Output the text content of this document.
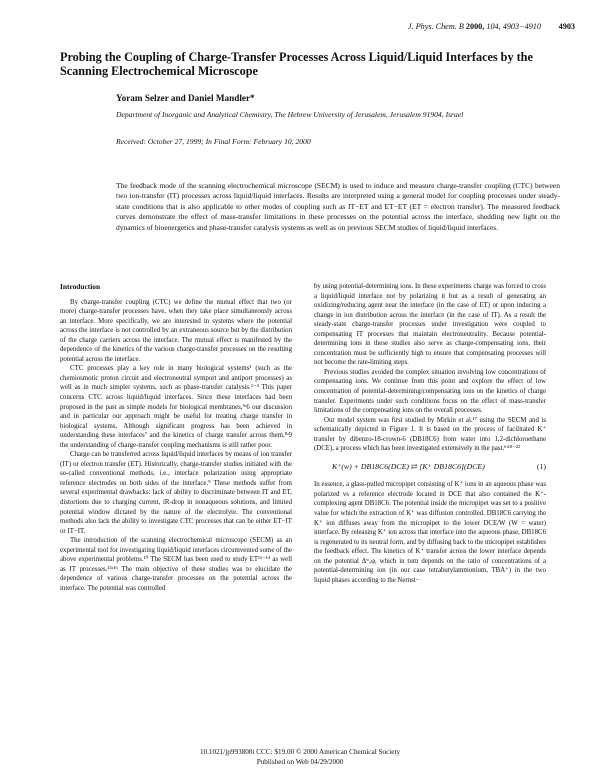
J. Phys. Chem. B 2000, 104, 4903−4910 4903
Probing the Coupling of Charge-Transfer Processes Across Liquid/Liquid Interfaces by the Scanning Electrochemical Microscope
Yoram Selzer and Daniel Mandler*
Department of Inorganic and Analytical Chemistry, The Hebrew University of Jerusalem, Jerusalem 91904, Israel
Received: October 27, 1999; In Final Form: February 10, 2000
The feedback mode of the scanning electrochemical microscope (SECM) is used to induce and measure charge-transfer coupling (CTC) between two ion-transfer (IT) processes across liquid/liquid interfaces. Results are interpreted using a general model for coupling processes under steady-state conditions that is also applicable to other modes of coupling such as IT−ET and ET−ET (ET = electron transfer). The measured feedback curves demonstrate the effect of mass-transfer limitations in these processes on the potential across the interface, shedding new light on the dynamics of bioenergetics and phase-transfer catalysis systems as well as on previous SECM studies of liquid/liquid interfaces.
Introduction

By charge-transfer coupling (CTC) we define the mutual effect that two (or more) charge-transfer processes have, when they take place simultaneously across an interface. More specifically, we are interested in systems where the potential across the interface is not controlled by an extraneous source but by the distribution of the charge carriers across the interface. The mutual effect is manifested by the dependence of the kinetics of the various charge-transfer processes on the resulting potential across the interface.

CTC processes play a key role in many biological systems¹ (such as the chemiosmotic proton circuit and electroneutral symport and antiport processes) as well as in much simpler systems, such as phase-transfer catalysis.²⁻⁴ This paper concerns CTC across liquid/liquid interfaces. Since these interfaces had been proposed in the past as simple models for biological membranes,⁵ʴ6 our discussion and in particular our approach might be useful for treating charge transfer in biological systems. Although significant progress has been achieved in understanding these interfaces⁷ and the kinetics of charge transfer across them,⁸ʴ9 the understanding of charge-transfer coupling mechanisms is still rather poor.

Charge can be transferred across liquid/liquid interfaces by means of ion transfer (IT) or electron transfer (ET). Historically, charge-transfer studies initiated with the so-called conventional methods, i.e., interface polarization using appropriate reference electrodes on both sides of the interface.⁹ These methods suffer from several experimental drawbacks: lack of ability to discriminate between IT and ET, distortions due to charging current, iR-drop in nonaqueous solutions, and limited potential window dictated by the nature of the electrolyte. The conventional methods also lack the ability to investigate CTC processes that can be either ET−IT or IT−IT.

The introduction of the scanning electrochemical microscope (SECM) as an experimental tool for investigating liquid/liquid interfaces circumvented some of the above experimental problems.¹⁰ The SECM has been used to study ET¹¹⁻¹⁴ as well as IT processes.¹⁵ʴ¹⁶ The main objective of these studies was to elucidate the dependence of various charge-transfer processes on the potential across the interface. The potential was controlled

by using potential-determining ions. In these experiments charge was forced to cross a liquid/liquid interface not by polarizing it but as a result of generating an oxidizing/reducing agent near the interface (in the case of ET) or upon inducing a change in ion distribution across the interface (in the case of IT). As a result the steady-state charge-transfer processes under investigation were coupled to compensating IT processes that maintain electroneutrality. Because potential-determining ions in these studies also serve as charge-compensating ions, their concentration must be sufficiently high to ensure that compensating processes will not become the rate-limiting steps.

Previous studies avoided the complex situation involving low concentrations of compensating ions. We continue from this point and explore the effect of low concentration of potential-determining/compensating ions on the kinetics of charge transfer. Experiments under such conditions focus on the effect of mass-transfer limitations of the compensating ions on the overall processes.

Our model system was first studied by Mirkin et al.¹⁷ using the SECM and is schematically depicted in Figure 1. It is based on the process of facilitated K⁺ transfer by dibenzo-18-crown-6 (DB18C6) from water into 1,2-dichloroethane (DCE), a process which has been investigated extensively in the past.⁶ʴ¹⁸⁻²²

K⁺(w) + DB18C6(DCE) ⇄ [K⁺ DB18C6](DCE)	(1)

In essence, a glass-pulled micropipet consisting of K⁺ ions in an aqueous phase was polarized vs a reference electrode located in DCE that also contained the K⁺-complexing agent DB18C6. The potential inside the micropipet was set to a positive value for which the extraction of K⁺ was diffusion controlled. DB18C6 carrying the K⁺ ion diffuses away from the micropipet to the lower DCE/W (W = water) interface. By releasing K⁺ ion across that interface into the aqueous phase, DB18C6 is regenerated to its neutral form, and by diffusing back to the micropipet establishes the feedback effect. The kinetics of K⁺ transfer across the lower interface depends on the potential Δʷₒφ, which in turn depends on the ratio of concentrations of a potential-determining ion (in our case tetrabutylammonium, TBA⁺) in the two liquid phases according to the Nernst−

10.1021/jp993808i CCC: $19.00 © 2000 American Chemical Society
Published on Web 04/29/2000
